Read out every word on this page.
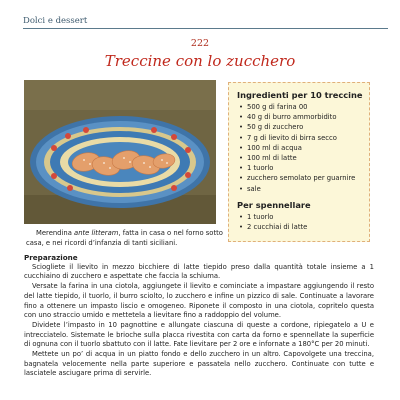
Dolci e dessert
222
Treccine con lo zucchero
Merendina ante litteram, fatta in casa o nel forno sotto casa, e nei ricordi d’infanzia di tanti siciliani.
Ingredienti per 10 treccine
• 500 g di farina 00
• 40 g di burro ammorbidito
• 50 g di zucchero
• 7 g di lievito di birra secco
• 100 ml di acqua
• 100 ml di latte
• 1 tuorlo
• zucchero semolato per guarnire
• sale
Per spennellare
• 1 tuorlo
• 2 cucchiai di latte
Preparazione

Sciogliete il lievito in mezzo bicchiere di latte tiepido preso dalla quantità totale insieme a 1 cucchiaino di zucchero e aspettate che faccia la schiuma.

Versate la farina in una ciotola, aggiungete il lievito e cominciate a impastare aggiungendo il resto del latte tiepido, il tuorlo, il burro sciolto, lo zucchero e infine un pizzico di sale. Continuate a lavorare fino a ottenere un impasto liscio e omogeneo. Riponete il composto in una ciotola, copritelo questa con uno straccio umido e mettetela a lievitare fino a raddoppio del volume.

Dividete l’impasto in 10 pagnottine e allungate ciascuna di queste a cordone, ripiegatelo a U e intrecciatelo. Sistemate le brioche sulla placca rivestita con carta da forno e spennellate la superficie di ognuna con il tuorlo sbattuto con il latte. Fate lievitare per 2 ore e infornate a 180°C per 20 minuti.

Mettete un po’ di acqua in un piatto fondo e dello zucchero in un altro. Capovolgete una treccina, bagnatela velocemente nella parte superiore e passatela nello zucchero. Continuate con tutte e lasciatele asciugare prima di servirle.
